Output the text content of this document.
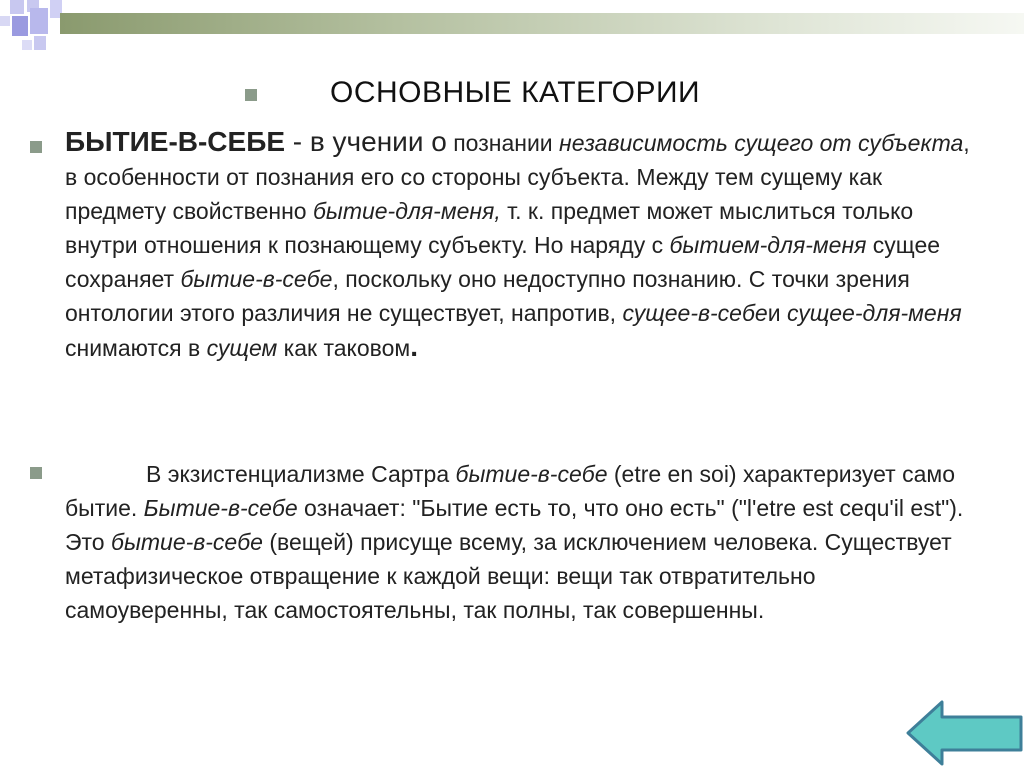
ОСНОВНЫЕ КАТЕГОРИИ

БЫТИЕ-В-СЕБЕ - в учении о познании независимость сущего от субъекта, в особенности от познания его со стороны субъекта. Между тем сущему как предмету свойственно бытие-для-меня, т. к. предмет может мыслиться только внутри отношения к познающему субъекту. Но наряду с бытием-для-меня сущее сохраняет бытие-в-себе, поскольку оно недоступно познанию. С точки зрения онтологии этого различия не существует, напротив, сущее-в-себеи сущее-для-меня снимаются в сущем как таковом.

В экзистенциализме Сартра бытие-в-себе (etre en soi) характеризует само бытие. Бытие-в-себе означает: "Бытие есть то, что оно есть" ("l'etre est cequ'il est"). Это бытие-в-себе (вещей) присуще всему, за исключением человека. Существует метафизическое отвращение к каждой вещи: вещи так отвратительно самоуверенны, так самостоятельны, так полны, так совершенны.
